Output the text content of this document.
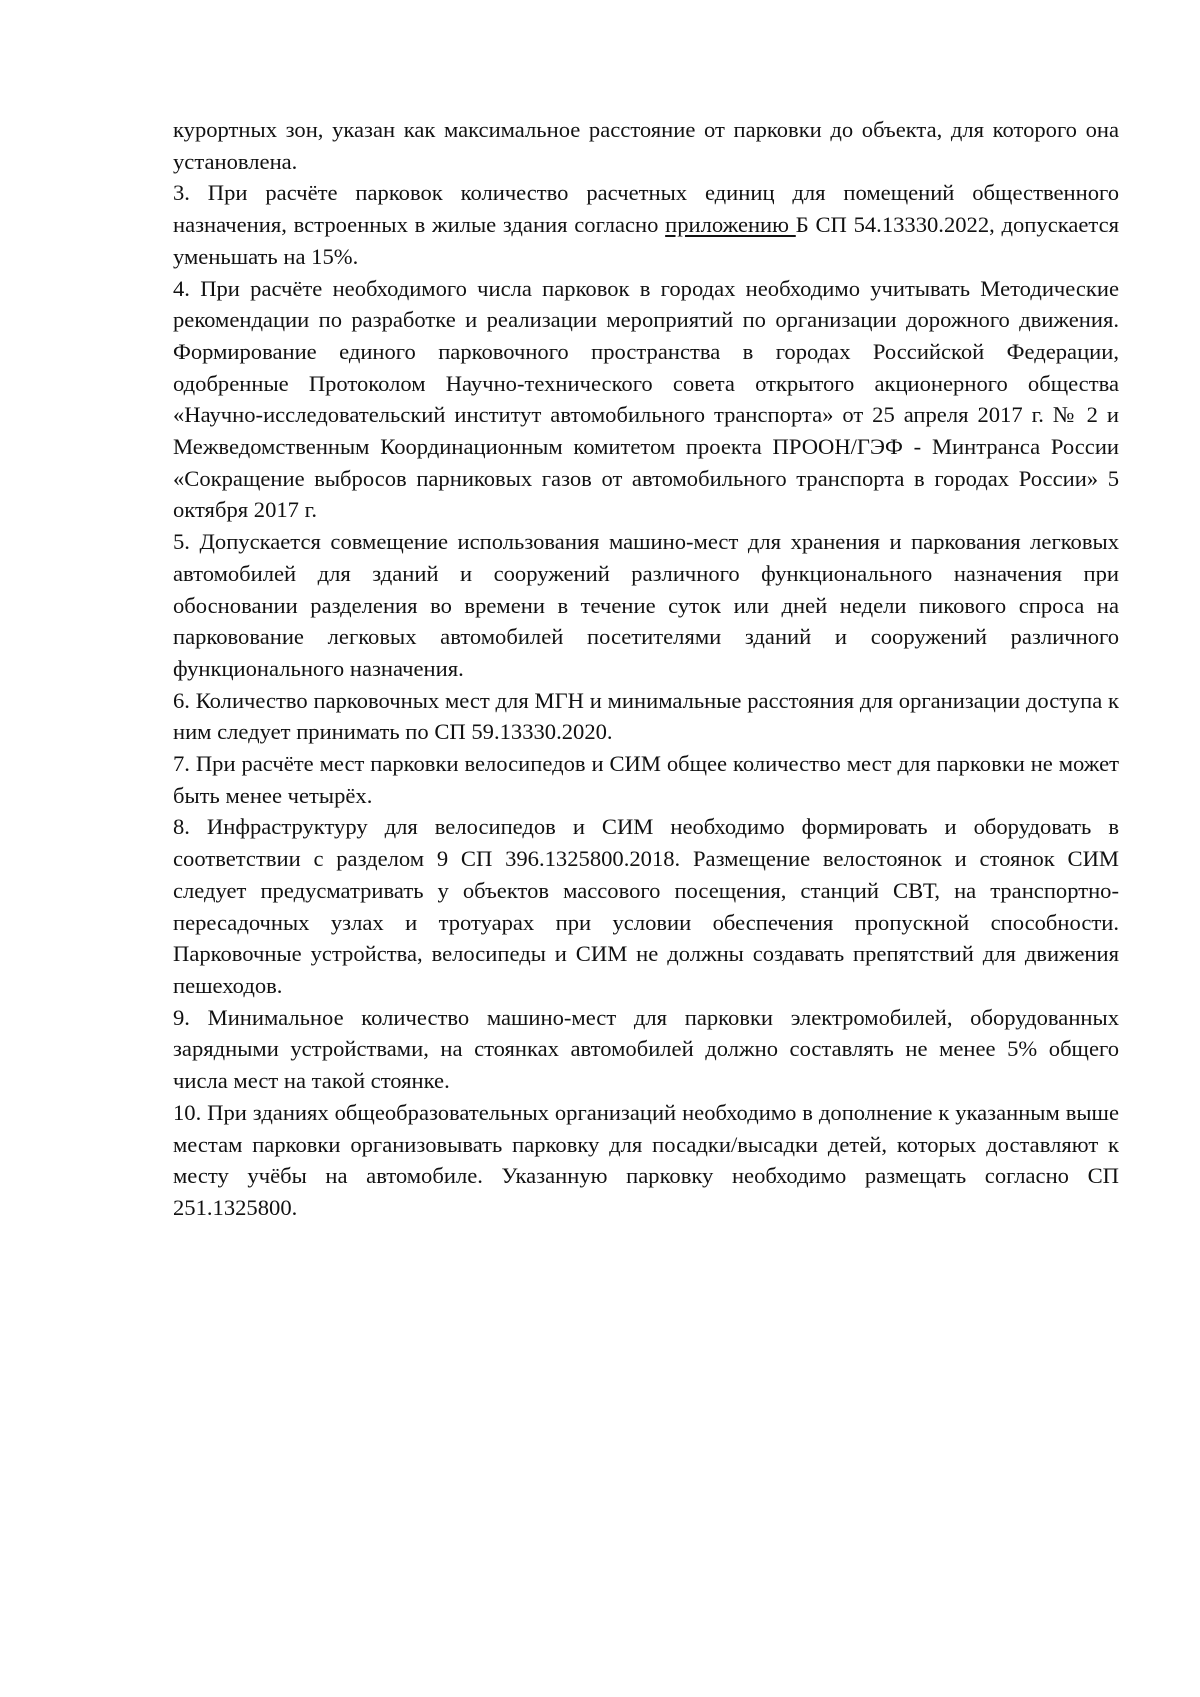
курортных зон, указан как максимальное расстояние от парковки до объекта, для которого она установлена.

3. При расчёте парковок количество расчетных единиц для помещений общественного назначения, встроенных в жилые здания согласно приложению Б СП 54.13330.2022, допускается уменьшать на 15%.

4. При расчёте необходимого числа парковок в городах необходимо учитывать Методические рекомендации по разработке и реализации мероприятий по организации дорожного движения. Формирование единого парковочного пространства в городах Российской Федерации, одобренные Протоколом Научно-технического совета открытого акционерного общества «Научно-исследовательский институт автомобильного транспорта» от 25 апреля 2017 г. № 2 и Межведомственным Координационным комитетом проекта ПРООН/ГЭФ - Минтранса России «Сокращение выбросов парниковых газов от автомобильного транспорта в городах России» 5 октября 2017 г.

5. Допускается совмещение использования машино-мест для хранения и паркования легковых автомобилей для зданий и сооружений различного функционального назначения при обосновании разделения во времени в течение суток или дней недели пикового спроса на парковование легковых автомобилей посетителями зданий и сооружений различного функционального назначения.

6. Количество парковочных мест для МГН и минимальные расстояния для организации доступа к ним следует принимать по СП 59.13330.2020.

7. При расчёте мест парковки велосипедов и СИМ общее количество мест для парковки не может быть менее четырёх.

8. Инфраструктуру для велосипедов и СИМ необходимо формировать и оборудовать в соответствии с разделом 9 СП 396.1325800.2018. Размещение велостоянок и стоянок СИМ следует предусматривать у объектов массового посещения, станций СВТ, на транспортно-пересадочных узлах и тротуарах при условии обеспечения пропускной способности. Парковочные устройства, велосипеды и СИМ не должны создавать препятствий для движения пешеходов.

9. Минимальное количество машино-мест для парковки электромобилей, оборудованных зарядными устройствами, на стоянках автомобилей должно составлять не менее 5% общего числа мест на такой стоянке.

10. При зданиях общеобразовательных организаций необходимо в дополнение к указанным выше местам парковки организовывать парковку для посадки/высадки детей, которых доставляют к месту учёбы на автомобиле. Указанную парковку необходимо размещать согласно СП 251.1325800.
